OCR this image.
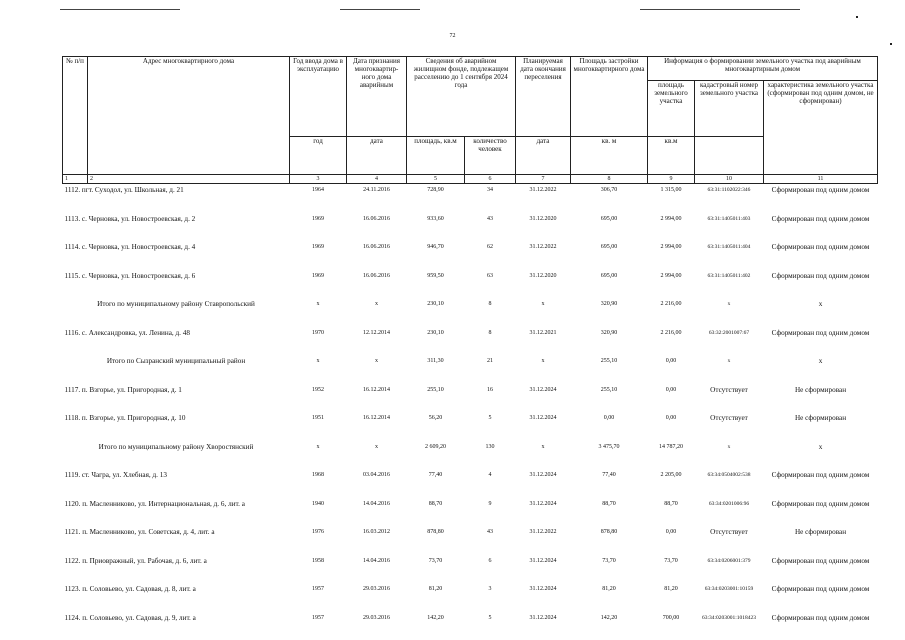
72
№ п/п	Адрес многоквартирного дома	Год ввода дома в эксплуатацию	Дата признания многоквартир- ного дома аварийным	Сведения об аварийном жилищном фонде, подлежащем расселению до 1 сентября 2024 года		Планируемая дата окончания переселения	Площадь застройки многоквартирного дома	Информация о формировании земельного участка под аварийным многоквартирным домом		
								площадь земельного участка	кадастровый номер земельного участка	характеристика земельного участка (сформирован под одним домом, не сформирован)
		год	дата	площадь, кв.м	количество человек	дата	кв. м	кв.м		
1	2	3	4	5	6	7	8	9	10	11
1112. пгт. Суходол, ул. Школьная, д. 21		1964	24.11.2016	728,90	34	31.12.2022	306,70	1 315,00	63:31:1102022:346	Сформирован под одним домом
1113. с. Черновка, ул. Новостроевская, д. 2		1969	16.06.2016	933,60	43	31.12.2020	695,00	2 994,00	63:31:1405011:403	Сформирован под одним домом
1114. с. Черновка, ул. Новостроевская, д. 4		1969	16.06.2016	946,70	62	31.12.2022	695,00	2 994,00	63:31:1405011:404	Сформирован под одним домом
1115. с. Черновка, ул. Новостроевская, д. 6		1969	16.06.2016	959,50	63	31.12.2020	695,00	2 994,00	63:31:1405011:402	Сформирован под одним домом
Итого по муниципальному району Ставропольский		x	x	230,10	8	x	320,90	2 216,00	x	x
1116. с. Александровка, ул. Ленина, д. 48		1970	12.12.2014	230,10	8	31.12.2021	320,90	2 216,00	63:32:2001007:67	Сформирован под одним домом
Итого по Сызранский муниципальный район		x	x	311,30	21	x	255,10	0,00	x	x
1117. п. Взгорье, ул. Пригородная, д. 1		1952	16.12.2014	255,10	16	31.12.2024	255,10	0,00	Отсутствует	Не сформирован
1118. п. Взгорье, ул. Пригородная, д. 10		1951	16.12.2014	56,20	5	31.12.2024	0,00	0,00	Отсутствует	Не сформирован
Итого по муниципальному району Хворостянский		x	x	2 609,20	130	x	3 475,70	14 787,20	x	x
1119. ст. Чагра, ул. Хлебная, д. 13		1968	03.04.2016	77,40	4	31.12.2024	77,40	2 205,00	63:34:0504002:538	Сформирован под одним домом
1120. п. Масленниково, ул. Интернациональная, д. 6, лит. а		1940	14.04.2016	88,70	9	31.12.2024	88,70	88,70	63:34:0201006:96	Сформирован под одним домом
1121. п. Масленниково, ул. Советская, д. 4, лит. а		1976	16.03.2012	878,80	43	31.12.2022	878,80	0,00	Отсутствует	Не сформирован
1122. п. Приовражный, ул. Рабочая, д. 6, лит. а		1958	14.04.2016	73,70	6	31.12.2024	73,70	73,70	63:34:0206001:379	Сформирован под одним домом
1123. п. Соловьево, ул. Садовая, д. 8, лит. а		1957	29.03.2016	81,20	3	31.12.2024	81,20	81,20	63:34:0203001:10159	Сформирован под одним домом
1124. п. Соловьево, ул. Садовая, д. 9, лит. а		1957	29.03.2016	142,20	5	31.12.2024	142,20	700,00	63:34:0203001:1018423	Сформирован под одним домом
